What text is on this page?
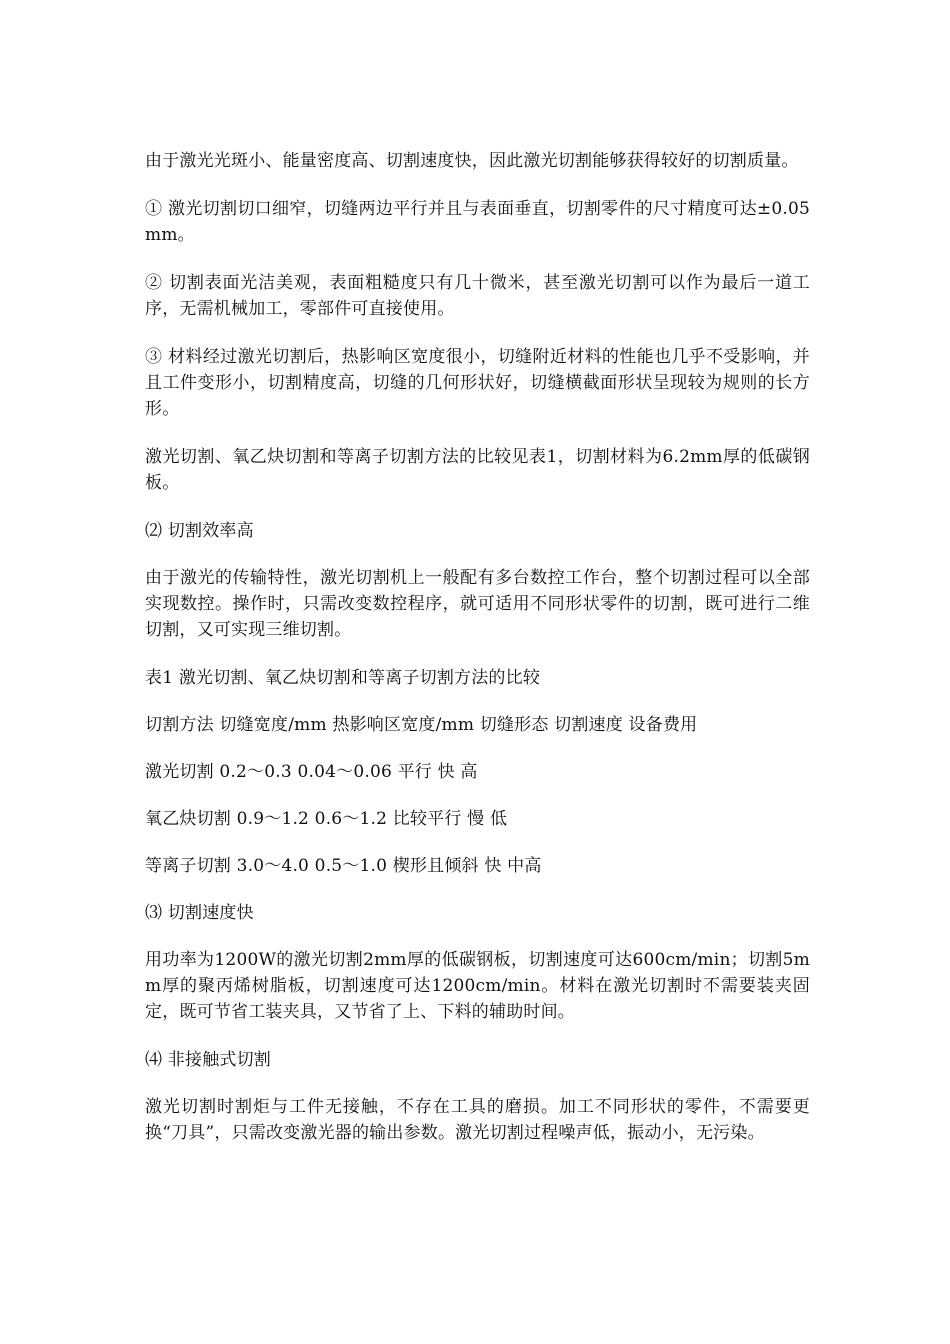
由于激光光斑小、能量密度高、切割速度快，因此激光切割能够获得较好的切割质量。

① 激光切割切口细窄，切缝两边平行并且与表面垂直，切割零件的尺寸精度可达±0.05mm。

② 切割表面光洁美观，表面粗糙度只有几十微米，甚至激光切割可以作为最后一道工序，无需机械加工，零部件可直接使用。

③ 材料经过激光切割后，热影响区宽度很小，切缝附近材料的性能也几乎不受影响，并且工件变形小，切割精度高，切缝的几何形状好，切缝横截面形状呈现较为规则的长方形。

激光切割、氧乙炔切割和等离子切割方法的比较见表1，切割材料为6.2mm厚的低碳钢板。

⑵ 切割效率高

由于激光的传输特性，激光切割机上一般配有多台数控工作台，整个切割过程可以全部实现数控。操作时，只需改变数控程序，就可适用不同形状零件的切割，既可进行二维切割，又可实现三维切割。

表1 激光切割、氧乙炔切割和等离子切割方法的比较

切割方法 切缝宽度/mm 热影响区宽度/mm 切缝形态 切割速度 设备费用

激光切割 0.2～0.3 0.04～0.06 平行 快 高

氧乙炔切割 0.9～1.2 0.6～1.2 比较平行 慢 低

等离子切割 3.0～4.0 0.5～1.0 楔形且倾斜 快 中高

⑶ 切割速度快

用功率为1200W的激光切割2mm厚的低碳钢板，切割速度可达600cm/min；切割5mm厚的聚丙烯树脂板，切割速度可达1200cm/min。材料在激光切割时不需要装夹固定，既可节省工装夹具，又节省了上、下料的辅助时间。

⑷ 非接触式切割

激光切割时割炬与工件无接触，不存在工具的磨损。加工不同形状的零件，不需要更换“刀具”，只需改变激光器的输出参数。激光切割过程噪声低，振动小，无污染。
